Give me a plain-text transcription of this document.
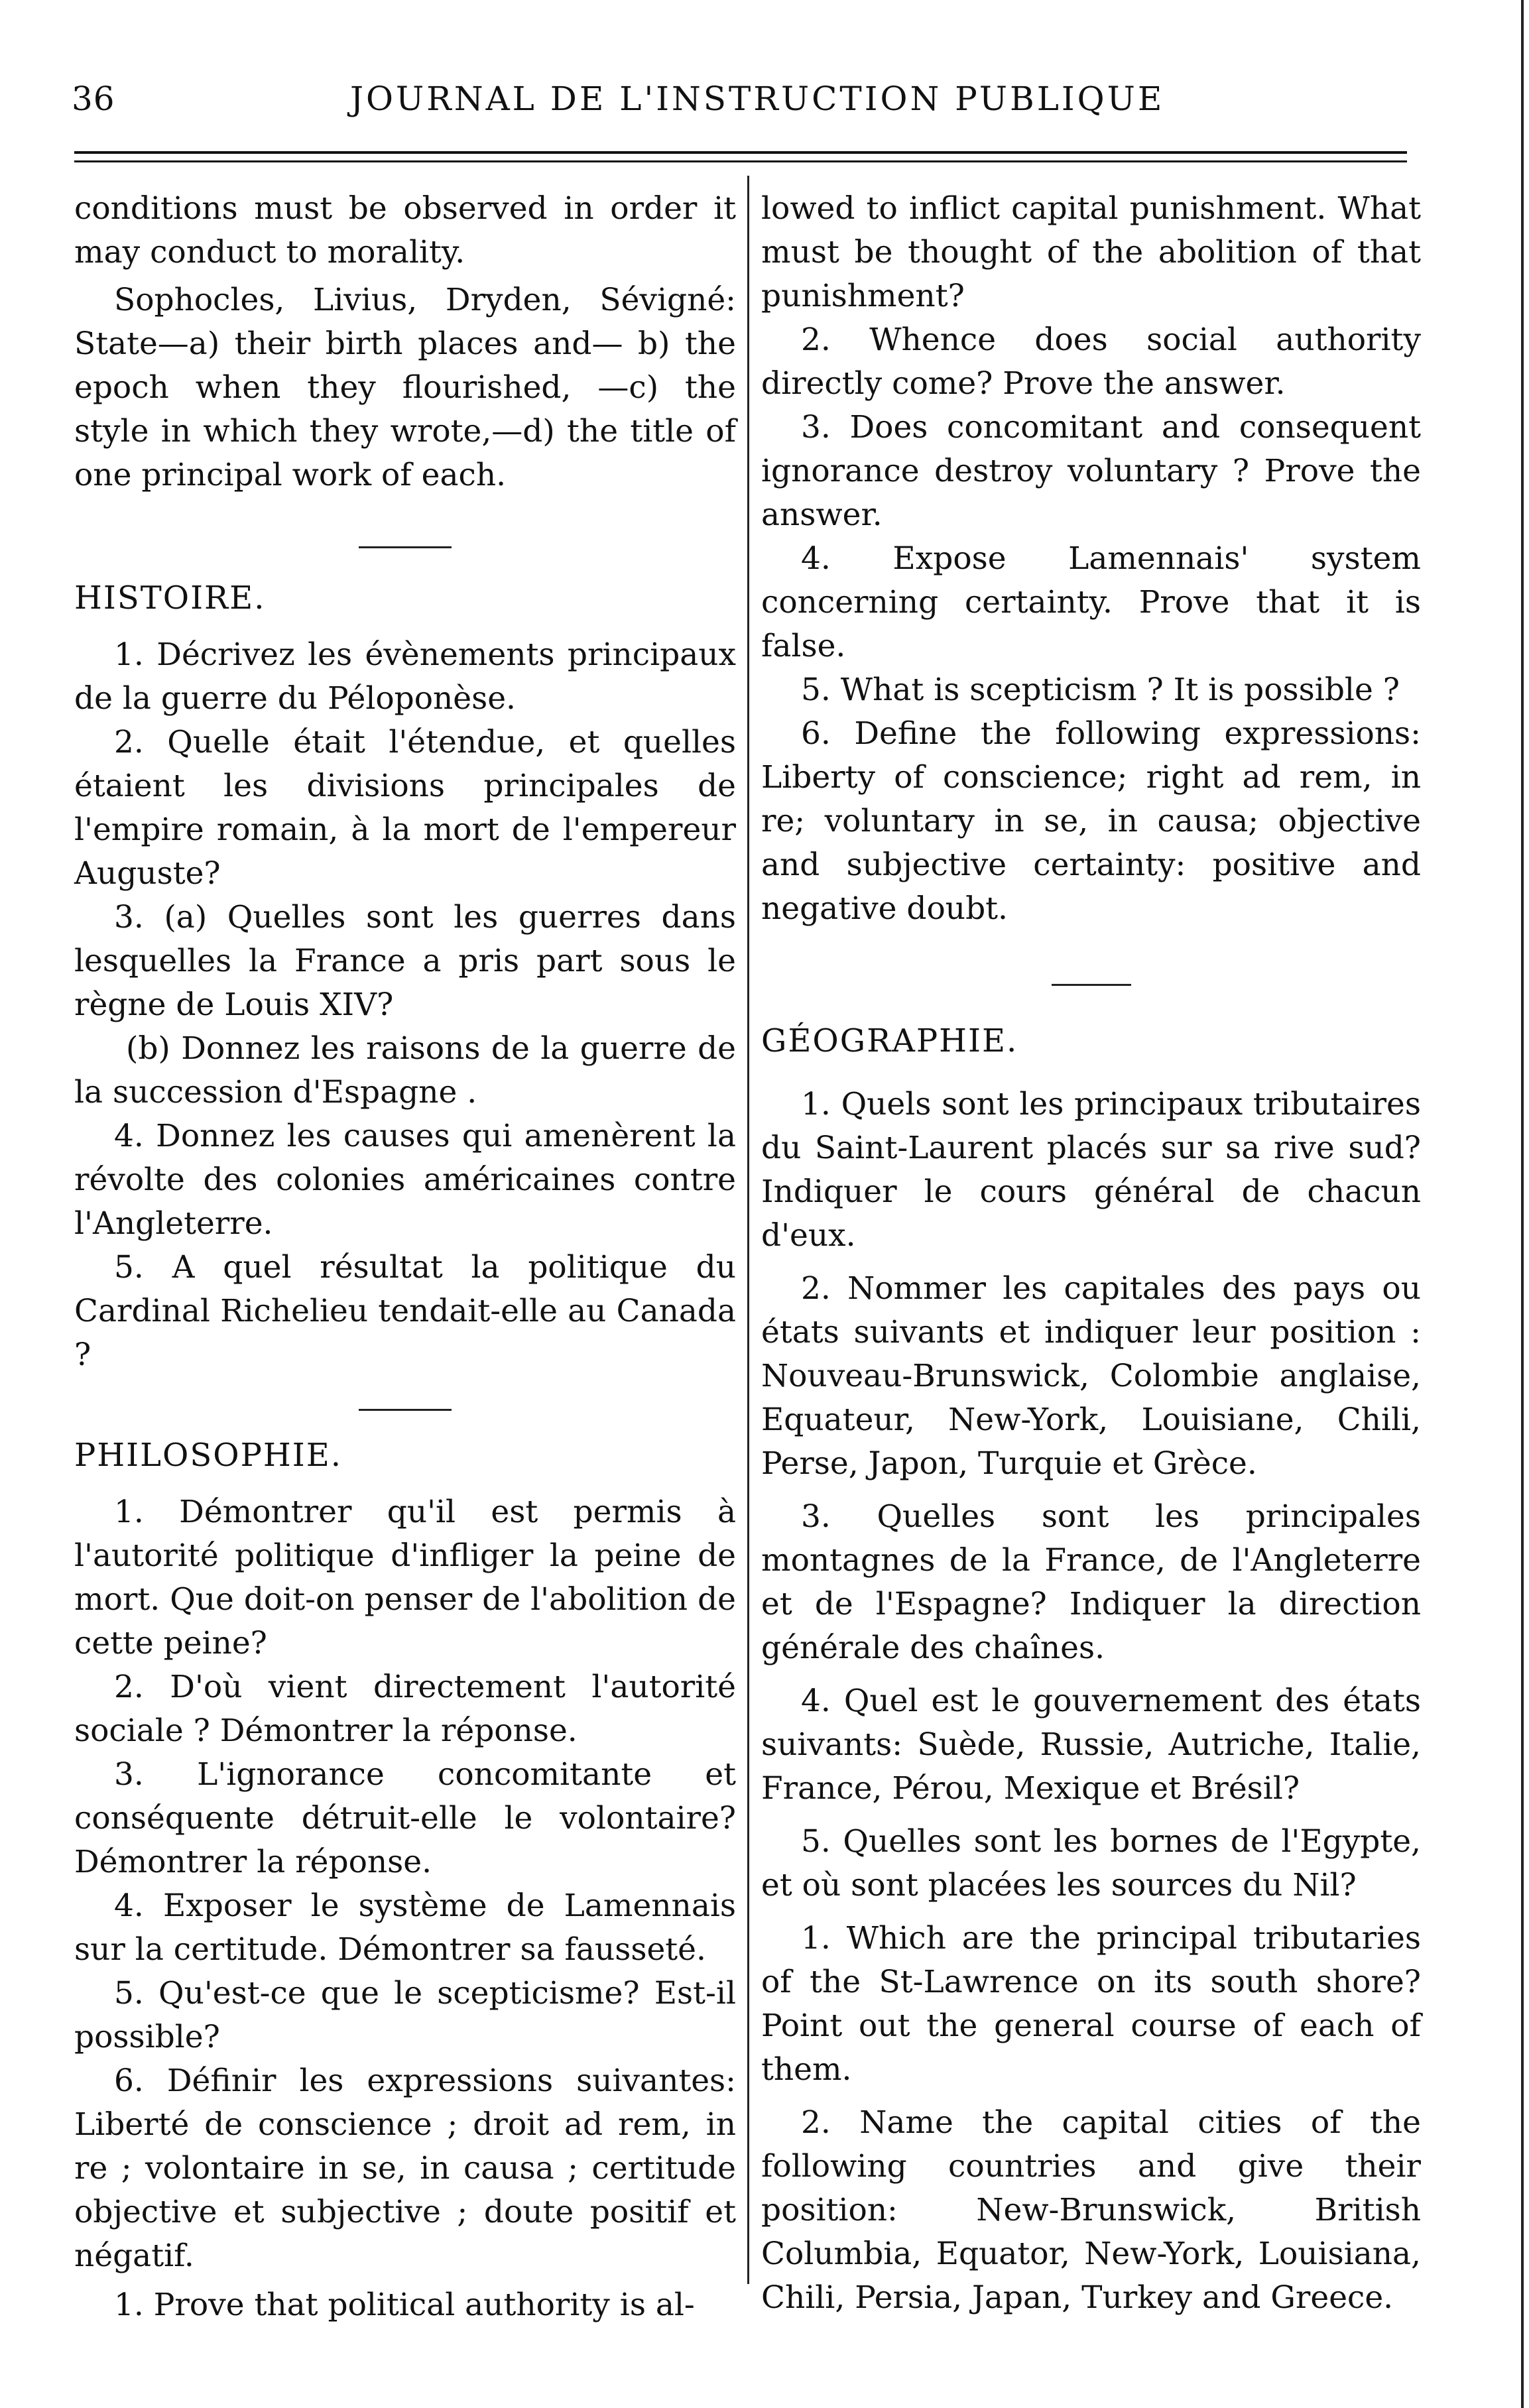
36	JOURNAL DE L'INSTRUCTION PUBLIQUE

conditions must be observed in order it may conduct to morality.

Sophocles, Livius, Dryden, Sévigné: State—a) their birth places and— b) the epoch when they flourished, —c) the style in which they wrote,—d) the title of one principal work of each.

HISTOIRE.

1. Décrivez les évènements principaux de la guerre du Péloponèse.

2. Quelle était l'étendue, et quelles étaient les divisions principales de l'empire romain, à la mort de l'empereur Auguste?

3. (a) Quelles sont les guerres dans lesquelles la France a pris part sous le règne de Louis XIV?

(b) Donnez les raisons de la guerre de la succession d'Espagne .

4. Donnez les causes qui amenèrent la révolte des colonies américaines contre l'Angleterre.

5. A quel résultat la politique du Cardinal Richelieu tendait-elle au Canada ?

PHILOSOPHIE.

1. Démontrer qu'il est permis à l'autorité politique d'infliger la peine de mort. Que doit-on penser de l'abolition de cette peine?

2. D'où vient directement l'autorité sociale ? Démontrer la réponse.

3. L'ignorance concomitante et conséquente détruit-elle le volontaire? Démontrer la réponse.

4. Exposer le système de Lamennais sur la certitude. Démontrer sa fausseté.

5. Qu'est-ce que le scepticisme? Est-il possible?

6. Définir les expressions suivantes: Liberté de conscience ; droit ad rem, in re ; volontaire in se, in causa ; certitude objective et subjective ; doute positif et négatif.

1. Prove that political authority is al-

lowed to inflict capital punishment. What must be thought of the abolition of that punishment?

2. Whence does social authority directly come? Prove the answer.

3. Does concomitant and consequent ignorance destroy voluntary ? Prove the answer.

4. Expose Lamennais' system concerning certainty. Prove that it is false.

5. What is scepticism ? It is possible ?

6. Define the following expressions: Liberty of conscience; right ad rem, in re; voluntary in se, in causa; objective and subjective certainty: positive and negative doubt.

GÉOGRAPHIE.

1. Quels sont les principaux tributaires du Saint-Laurent placés sur sa rive sud? Indiquer le cours général de chacun d'eux.

2. Nommer les capitales des pays ou états suivants et indiquer leur position : Nouveau-Brunswick, Colombie anglaise, Equateur, New-York, Louisiane, Chili, Perse, Japon, Turquie et Grèce.

3. Quelles sont les principales montagnes de la France, de l'Angleterre et de l'Espagne? Indiquer la direction générale des chaînes.

4. Quel est le gouvernement des états suivants: Suède, Russie, Autriche, Italie, France, Pérou, Mexique et Brésil?

5. Quelles sont les bornes de l'Egypte, et où sont placées les sources du Nil?

1. Which are the principal tributaries of the St-Lawrence on its south shore? Point out the general course of each of them.

2. Name the capital cities of the following countries and give their position: New-Brunswick, British Columbia, Equator, New-York, Louisiana, Chili, Persia, Japan, Turkey and Greece.
